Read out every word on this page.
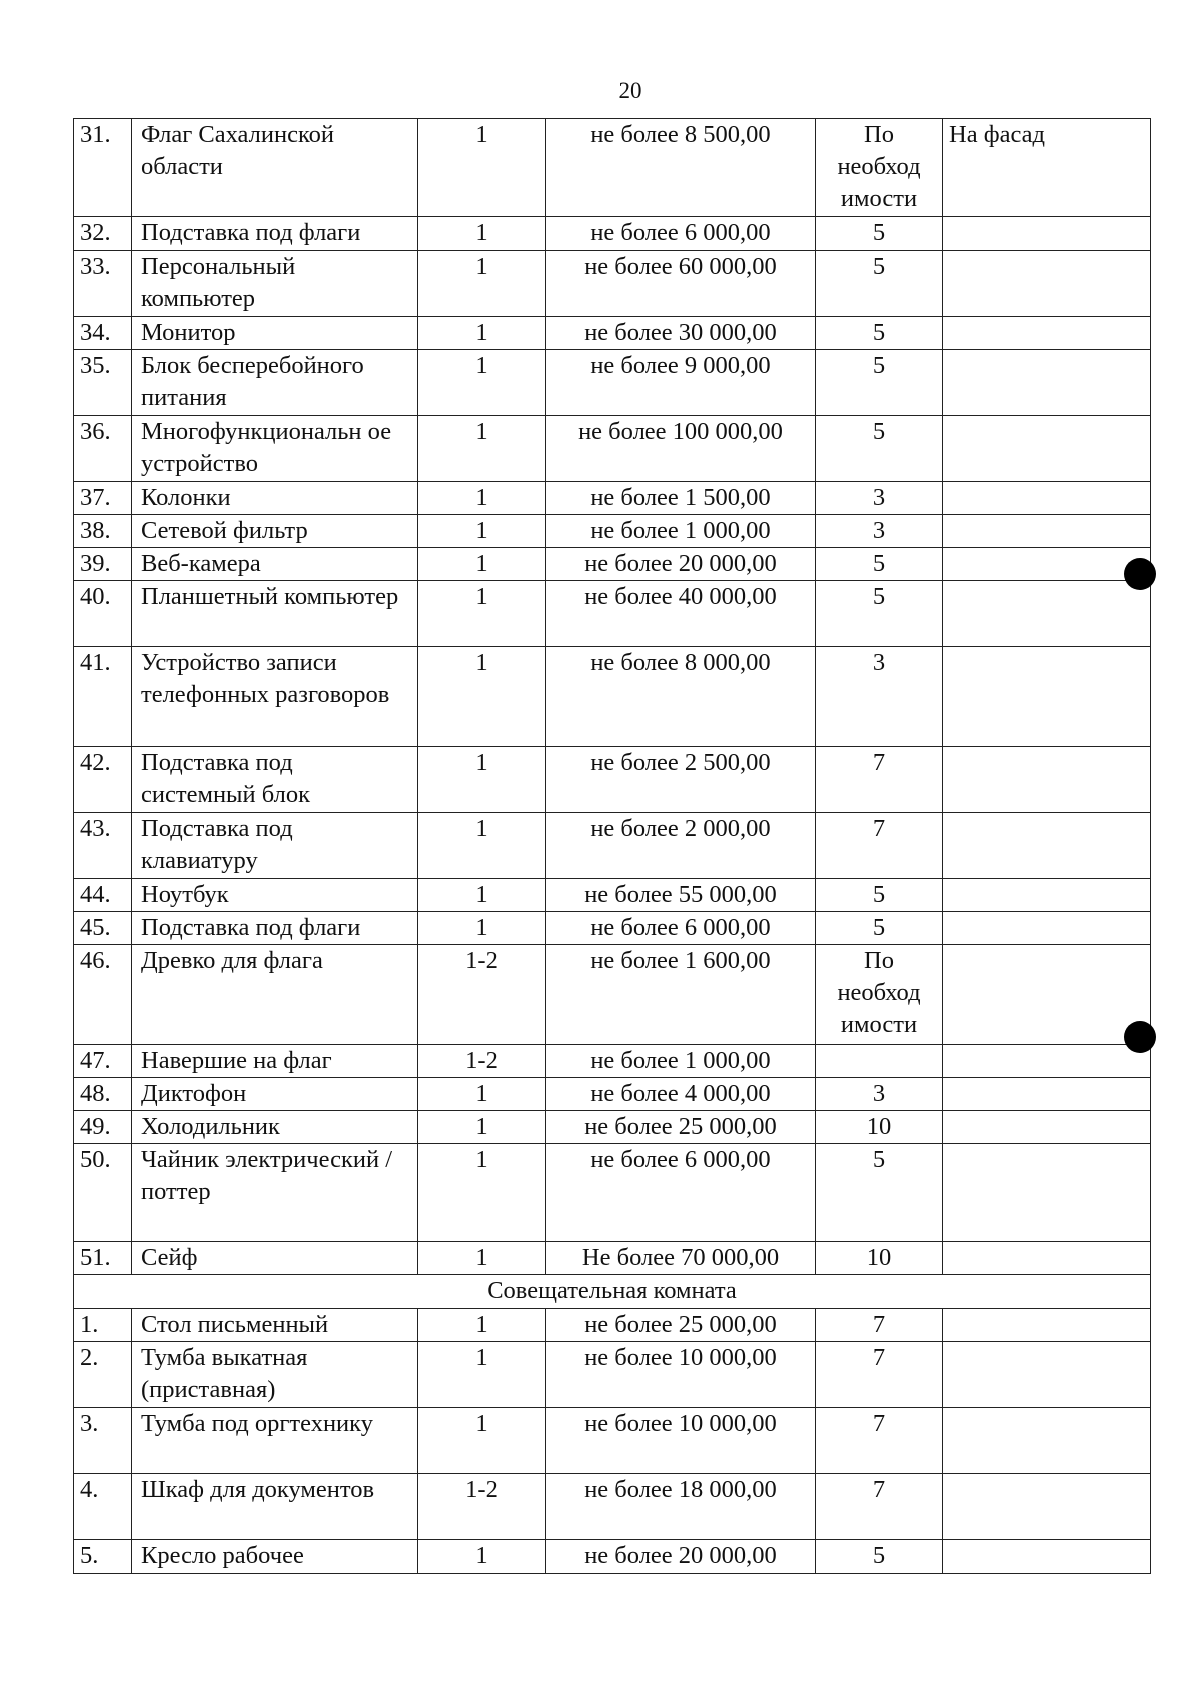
20
31.	Флаг Сахалинской области	1	не более 8 500,00	По необход имости	На фасад
32.	Подставка под флаги	1	не более 6 000,00	5	
33.	Персональный компьютер	1	не более 60 000,00	5	
34.	Монитор	1	не более 30 000,00	5	
35.	Блок бесперебойного питания	1	не более 9 000,00	5	
36.	Многофункциональн ое устройство	1	не более 100 000,00	5	
37.	Колонки	1	не более 1 500,00	3	
38.	Сетевой фильтр	1	не более 1 000,00	3	
39.	Веб-камера	1	не более 20 000,00	5	
40.	Планшетный компьютер	1	не более 40 000,00	5	
41.	Устройство записи телефонных разговоров	1	не более 8 000,00	3	
42.	Подставка под системный блок	1	не более 2 500,00	7	
43.	Подставка под клавиатуру	1	не более 2 000,00	7	
44.	Ноутбук	1	не более 55 000,00	5	
45.	Подставка под флаги	1	не более 6 000,00	5	
46.	Древко для флага	1-2	не более 1 600,00	По необход имости	
47.	Навершие на флаг	1-2	не более 1 000,00		
48.	Диктофон	1	не более 4 000,00	3	
49.	Холодильник	1	не более 25 000,00	10	
50.	Чайник электрический / поттер	1	не более 6 000,00	5	
51.	Сейф	1	Не более 70 000,00	10	
Совещательная комната					
1.	Стол письменный	1	не более 25 000,00	7	
2.	Тумба выкатная (приставная)	1	не более 10 000,00	7	
3.	Тумба под оргтехнику	1	не более 10 000,00	7	
4.	Шкаф для документов	1-2	не более 18 000,00	7	
5.	Кресло рабочее	1	не более 20 000,00	5	
